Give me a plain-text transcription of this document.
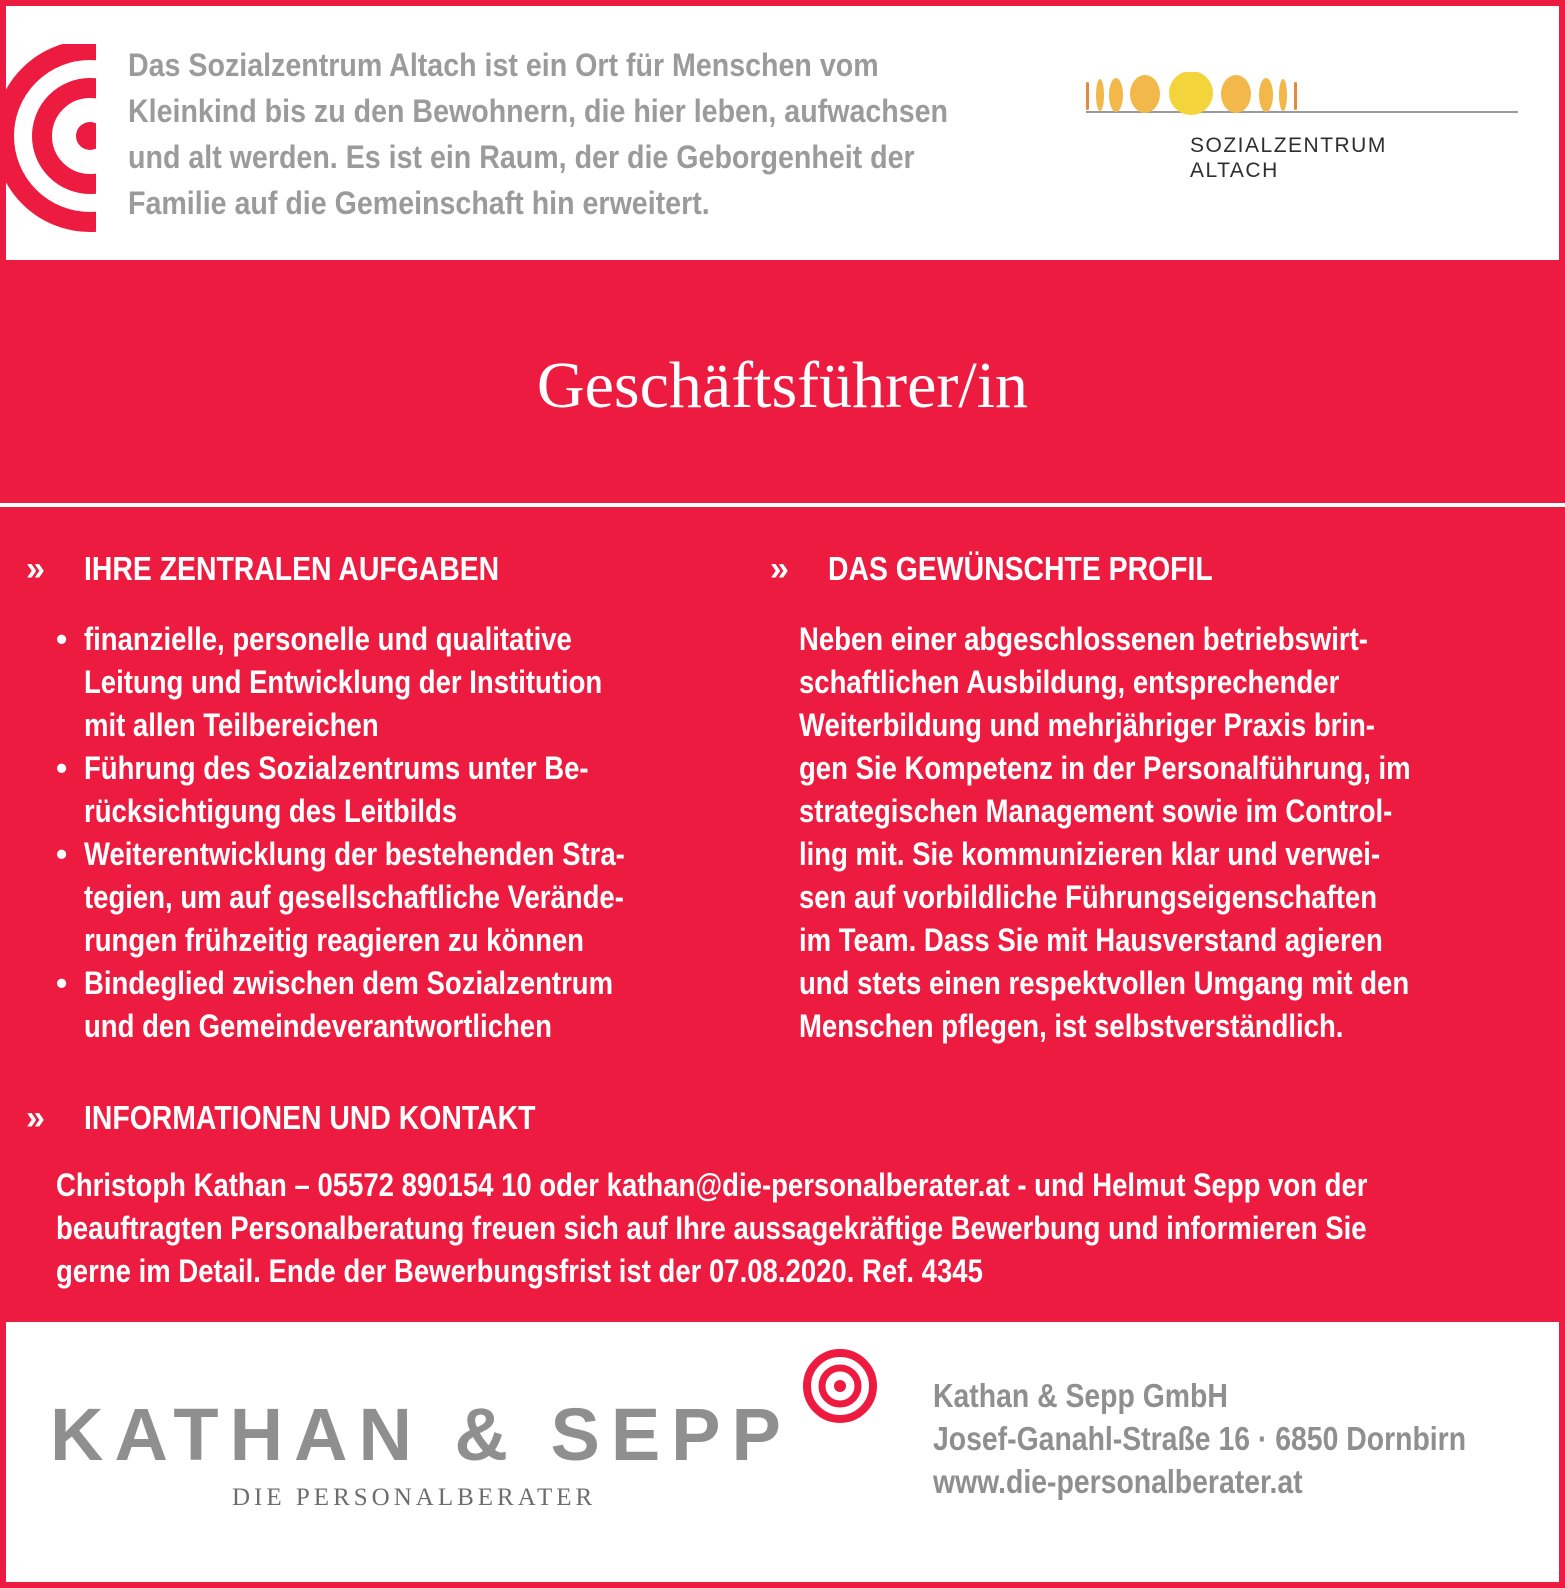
Das Sozialzentrum Altach ist ein Ort für Menschen vom
Kleinkind bis zu den Bewohnern, die hier leben, aufwachsen
und alt werden. Es ist ein Raum, der die Geborgenheit der
Familie auf die Gemeinschaft hin erweitert.
SOZIALZENTRUM
ALTACH
Geschäftsführer/in
» IHRE ZENTRALEN AUFGABEN	» DAS GEWÜNSCHTE PROFIL
• finanzielle, personelle und qualitative
Leitung und Entwicklung der Institution
mit allen Teilbereichen
• Führung des Sozialzentrums unter Be-
rücksichtigung des Leitbilds
• Weiterentwicklung der bestehenden Stra-
tegien, um auf gesellschaftliche Verände-
rungen frühzeitig reagieren zu können
• Bindeglied zwischen dem Sozialzentrum
und den Gemeindeverantwortlichen
Neben einer abgeschlossenen betriebswirt-
schaftlichen Ausbildung, entsprechender
Weiterbildung und mehrjähriger Praxis brin-
gen Sie Kompetenz in der Personalführung, im
strategischen Management sowie im Control-
ling mit. Sie kommunizieren klar und verwei-
sen auf vorbildliche Führungseigenschaften
im Team. Dass Sie mit Hausverstand agieren
und stets einen respektvollen Umgang mit den
Menschen pflegen, ist selbstverständlich.
» INFORMATIONEN UND KONTAKT
Christoph Kathan – 05572 890154 10 oder kathan@die-personalberater.at - und Helmut Sepp von der
beauftragten Personalberatung freuen sich auf Ihre aussagekräftige Bewerbung und informieren Sie
gerne im Detail. Ende der Bewerbungsfrist ist der 07.08.2020. Ref. 4345
KATHAN & SEPP
DIE PERSONALBERATER
Kathan & Sepp GmbH
Josef-Ganahl-Straße 16 · 6850 Dornbirn
www.die-personalberater.at
